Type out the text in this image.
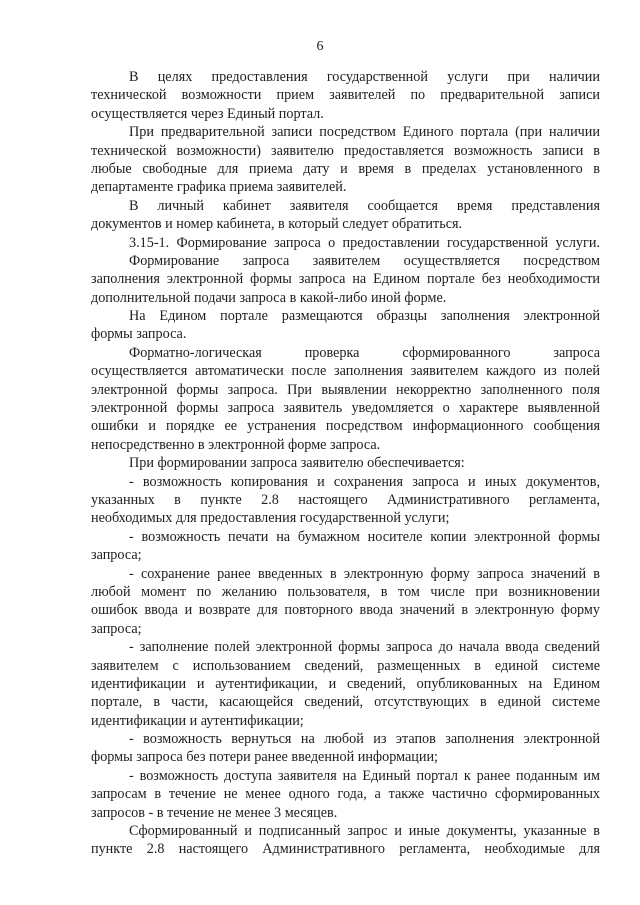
6
В целях предоставления государственной услуги при наличии
технической возможности прием заявителей по предварительной записи
осуществляется через Единый портал.
При предварительной записи посредством Единого портала (при наличии
технической возможности) заявителю предоставляется возможность записи в
любые свободные для приема дату и время в пределах установленного в
департаменте графика приема заявителей.
В личный кабинет заявителя сообщается время представления
документов и номер кабинета, в который следует обратиться.
3.15-1. Формирование запроса о предоставлении государственной услуги.
Формирование запроса заявителем осуществляется посредством
заполнения электронной формы запроса на Едином портале без необходимости
дополнительной подачи запроса в какой-либо иной форме.
На Едином портале размещаются образцы заполнения электронной
формы запроса.
Форматно-логическая проверка сформированного запроса
осуществляется автоматически после заполнения заявителем каждого из полей
электронной формы запроса. При выявлении некорректно заполненного поля
электронной формы запроса заявитель уведомляется о характере выявленной
ошибки и порядке ее устранения посредством информационного сообщения
непосредственно в электронной форме запроса.
При формировании запроса заявителю обеспечивается:
- возможность копирования и сохранения запроса и иных документов,
указанных в пункте 2.8 настоящего Административного регламента,
необходимых для предоставления государственной услуги;
- возможность печати на бумажном носителе копии электронной формы
запроса;
- сохранение ранее введенных в электронную форму запроса значений в
любой момент по желанию пользователя, в том числе при возникновении
ошибок ввода и возврате для повторного ввода значений в электронную форму
запроса;
- заполнение полей электронной формы запроса до начала ввода сведений
заявителем с использованием сведений, размещенных в единой системе
идентификации и аутентификации, и сведений, опубликованных на Едином
портале, в части, касающейся сведений, отсутствующих в единой системе
идентификации и аутентификации;
- возможность вернуться на любой из этапов заполнения электронной
формы запроса без потери ранее введенной информации;
- возможность доступа заявителя на Единый портал к ранее поданным им
запросам в течение не менее одного года, а также частично сформированных
запросов - в течение не менее 3 месяцев.
Сформированный и подписанный запрос и иные документы, указанные в
пункте 2.8 настоящего Административного регламента, необходимые для
